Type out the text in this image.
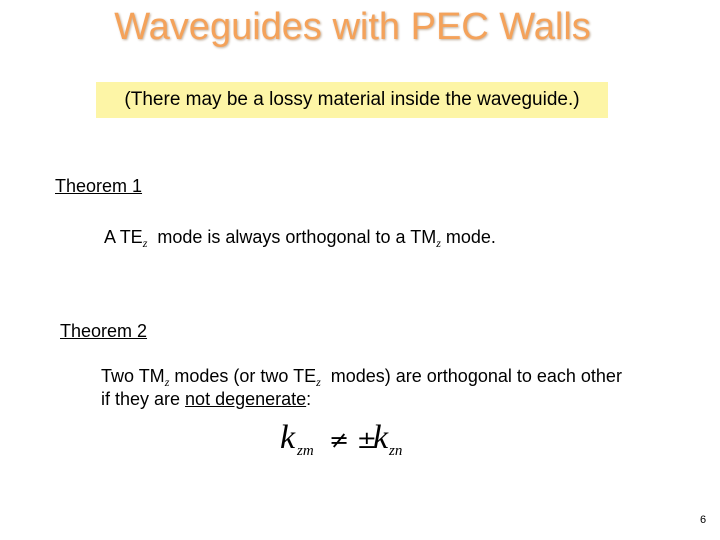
Waveguides with PEC Walls
(There may be a lossy material inside the waveguide.)
Theorem 1
A $TE_z$  mode is always orthogonal to a $TM_z$ mode.
Theorem 2
Two $TM_z$ modes (or two $TE_z$  modes) are orthogonal to each other
if they are not degenerate:
k zm ≠ ±
k zn
6
